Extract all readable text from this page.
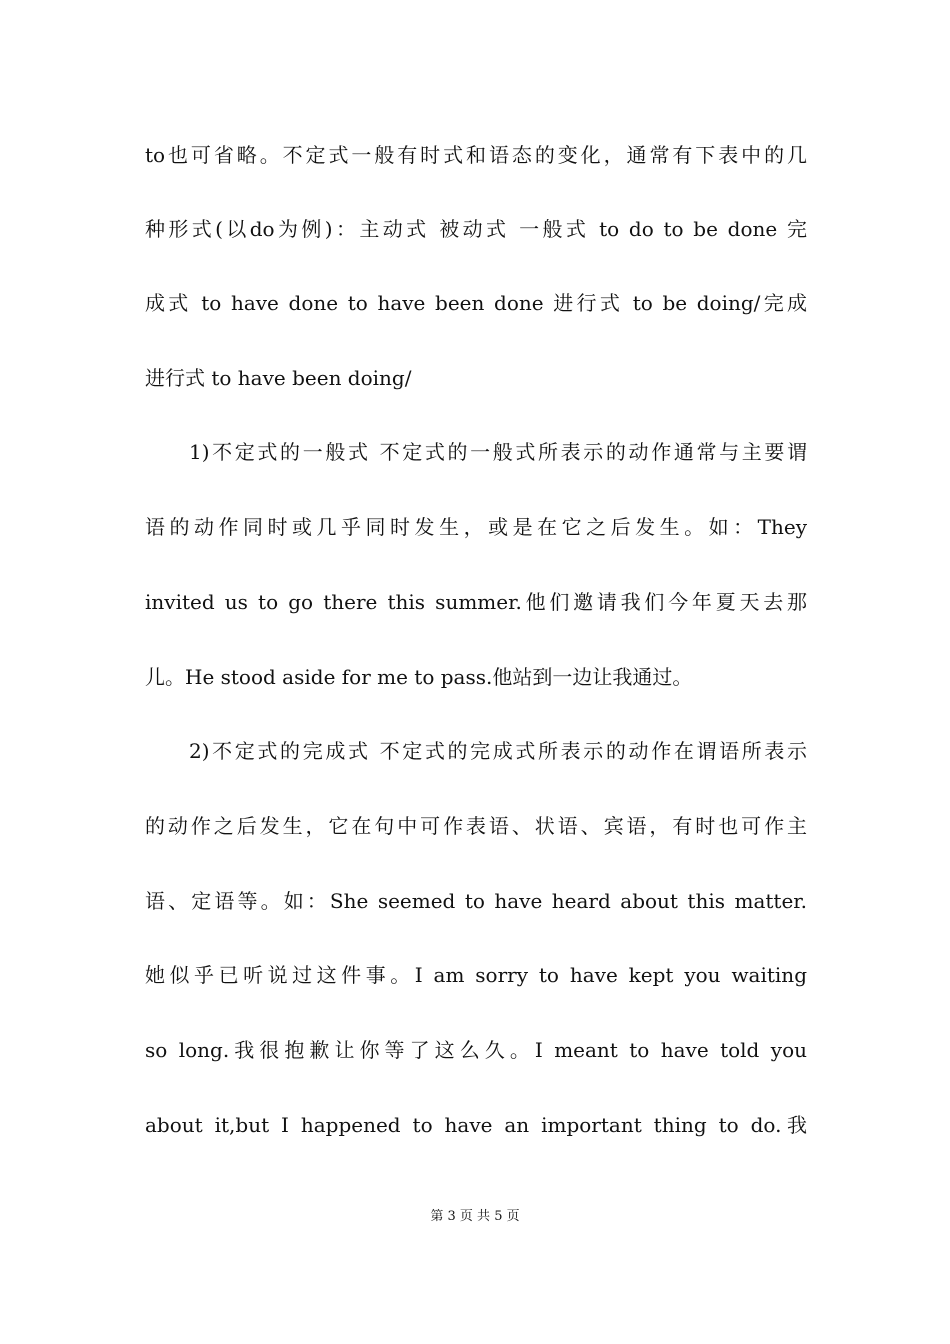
to也可省略。不定式一般有时式和语态的变化，通常有下表中的几
种形式(以do为例)：主动式 被动式 一般式 to do to be done 完
成式 to have done to have been done 进行式 to be doing/完成
进行式 to have been doing/
1)不定式的一般式 不定式的一般式所表示的动作通常与主要谓
语的动作同时或几乎同时发生，或是在它之后发生。如：They
invited us to go there this summer.他们邀请我们今年夏天去那
儿。He stood aside for me to pass.他站到一边让我通过。
2)不定式的完成式 不定式的完成式所表示的动作在谓语所表示
的动作之后发生，它在句中可作表语、状语、宾语，有时也可作主
语、定语等。如：She seemed to have heard about this matter.
她似乎已听说过这件事。I am sorry to have kept you waiting
so long.我很抱歉让你等了这么久。I meant to have told you
about it,but I happened to have an important thing to do.我
第 3 页 共 5 页
